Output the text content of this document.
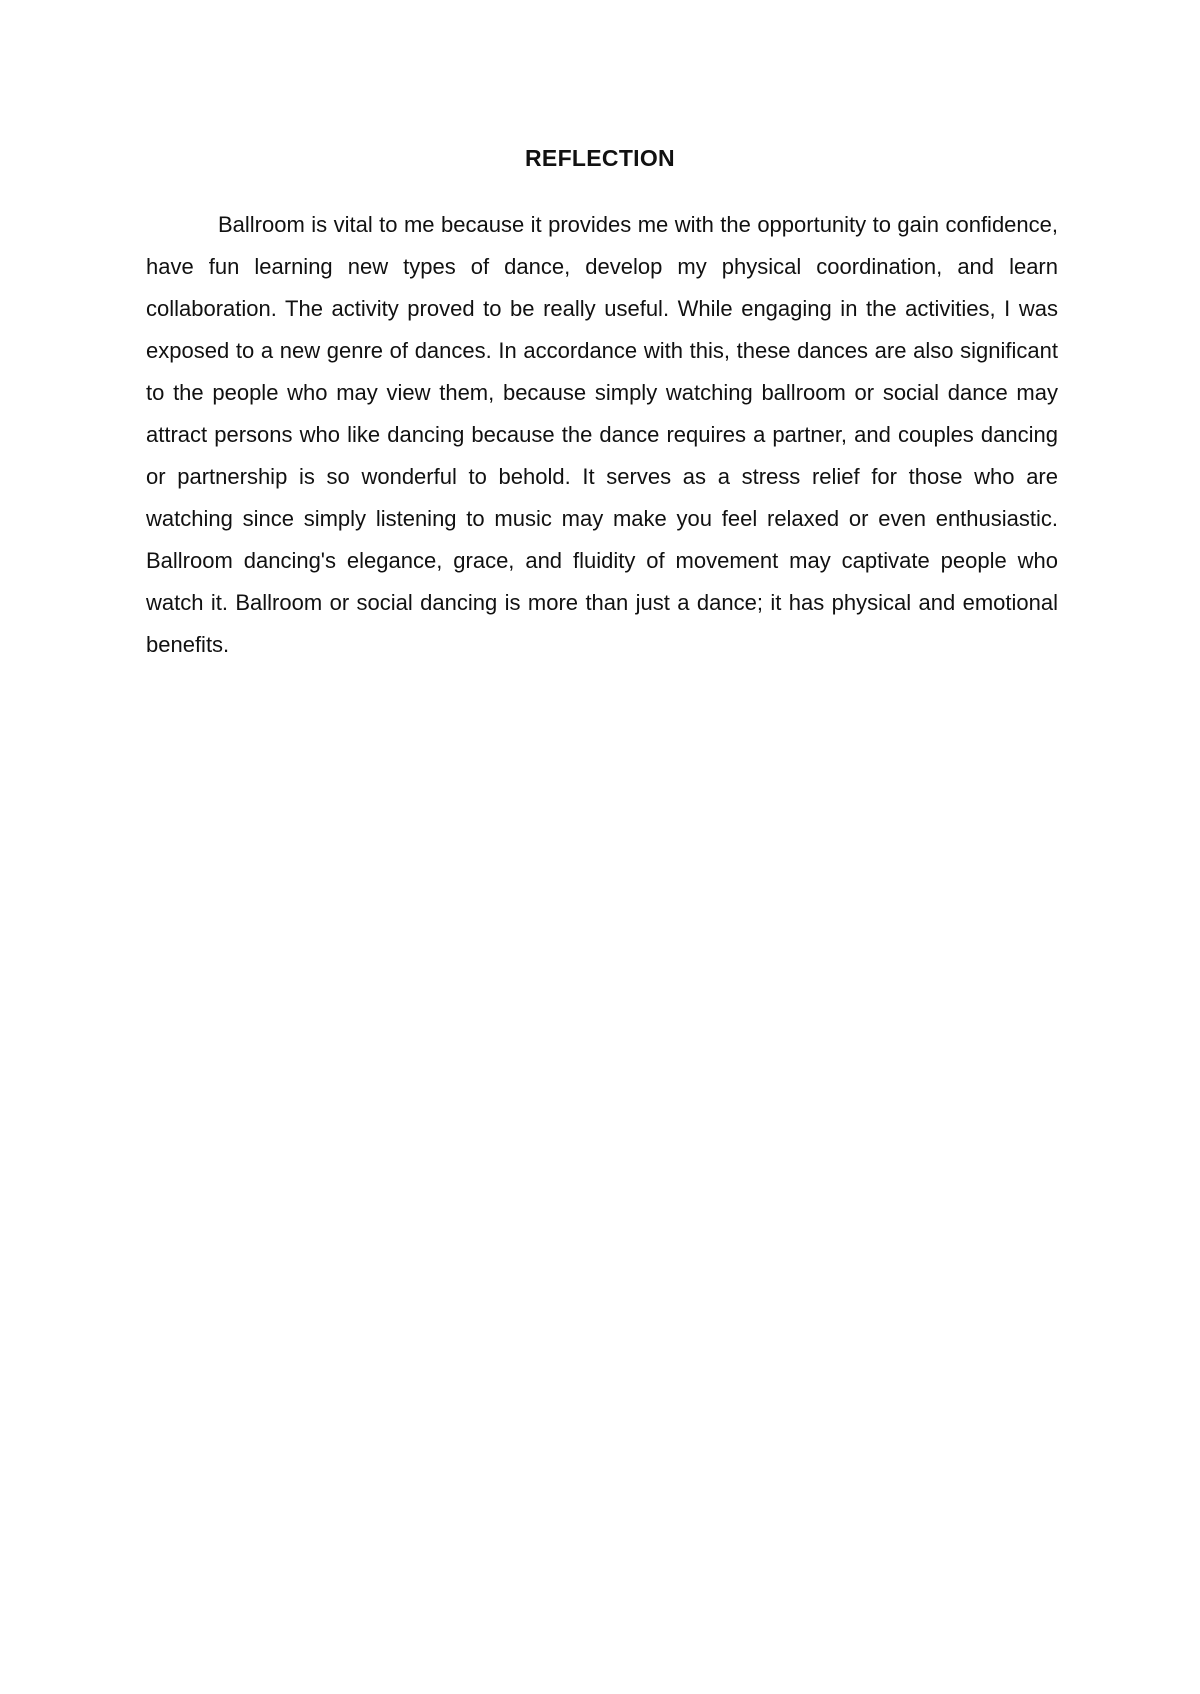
REFLECTION

Ballroom is vital to me because it provides me with the opportunity to gain confidence, have fun learning new types of dance, develop my physical coordination, and learn collaboration. The activity proved to be really useful. While engaging in the activities, I was exposed to a new genre of dances. In accordance with this, these dances are also significant to the people who may view them, because simply watching ballroom or social dance may attract persons who like dancing because the dance requires a partner, and couples dancing or partnership is so wonderful to behold. It serves as a stress relief for those who are watching since simply listening to music may make you feel relaxed or even enthusiastic. Ballroom dancing's elegance, grace, and fluidity of movement may captivate people who watch it. Ballroom or social dancing is more than just a dance; it has physical and emotional benefits.
